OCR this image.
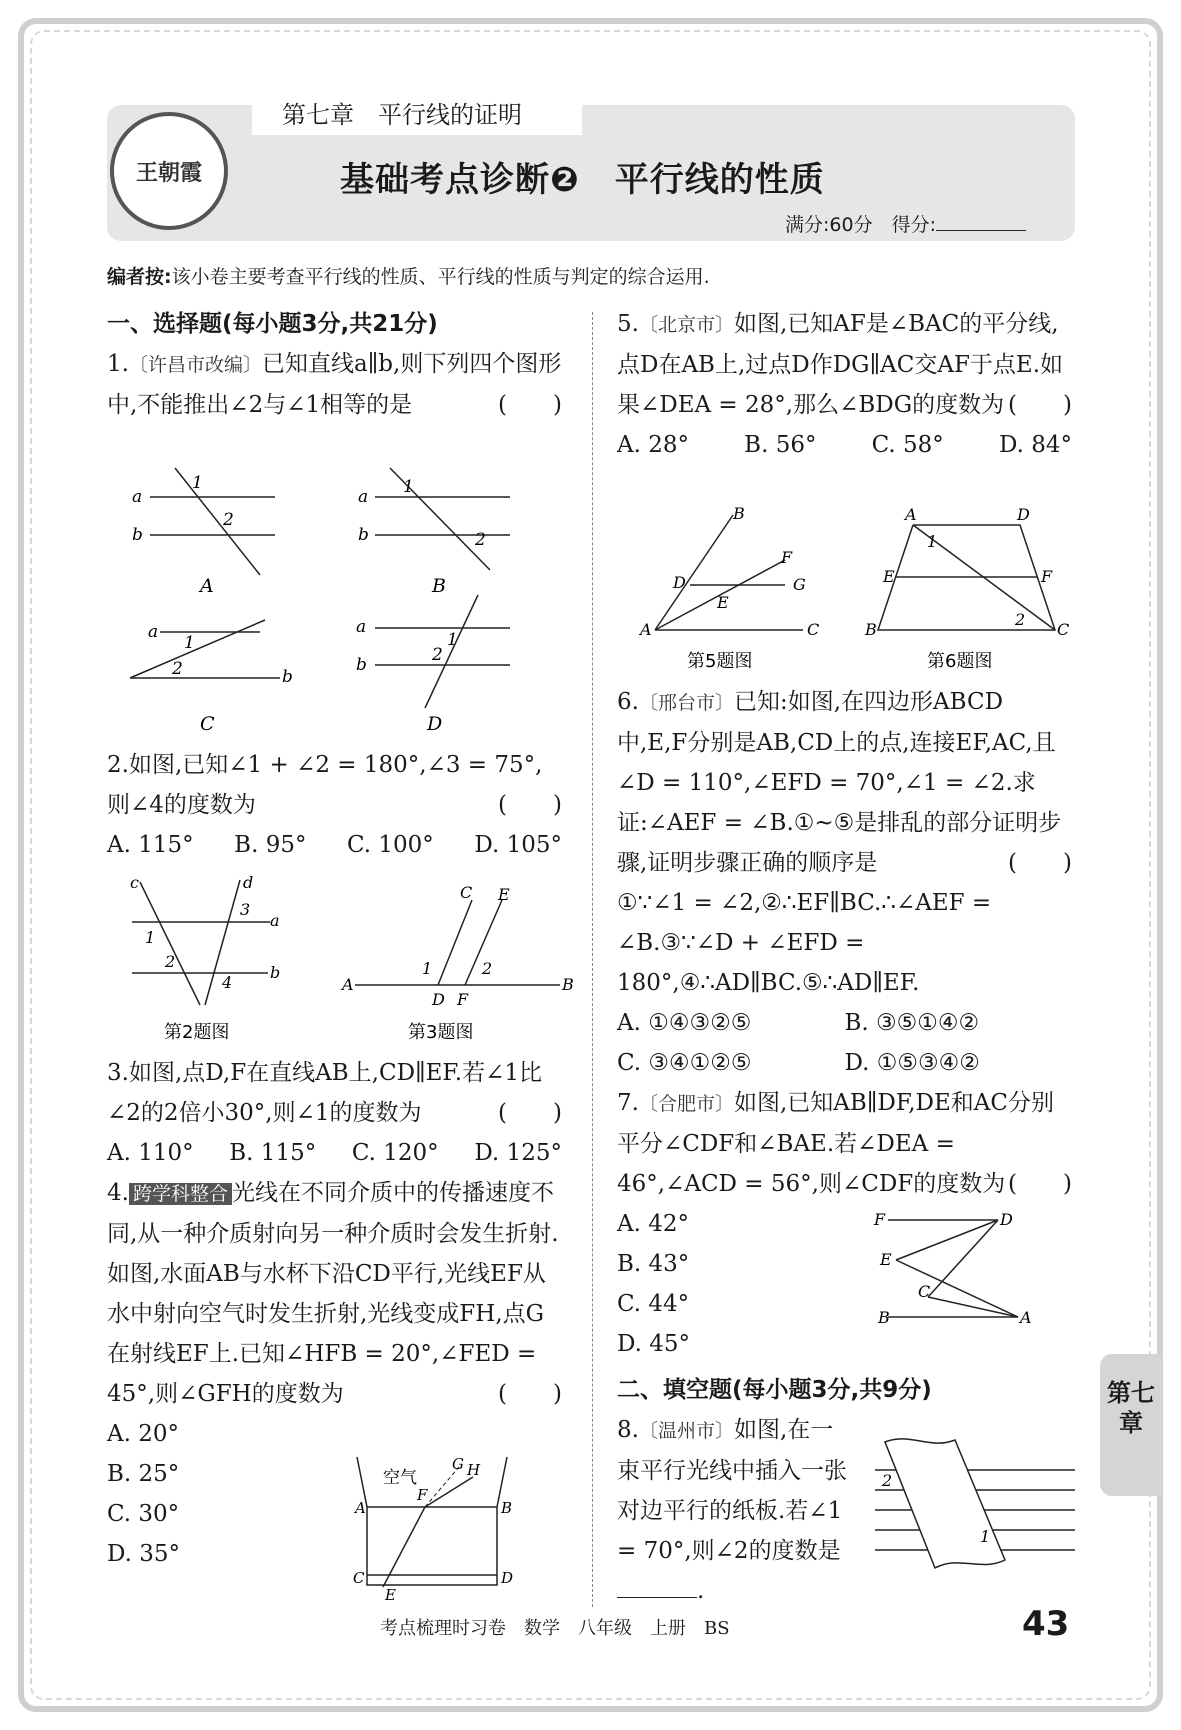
第七章　平行线的证明
王朝霞	基础考点诊断❷　平行线的性质
满分:60分　得分:
编者按:该小卷主要考查平行线的性质、平行线的性质与判定的综合运用.
一、选择题(每小题3分,共21分)

1.〔许昌市改编〕已知直线a∥b,则下列四个图形中,不能推出∠2与∠1相等的是	(　　)

a
b
1
2
A
a
b
1
2
B
a
b
1
2
C
a
b
1
2
D

2.如图,已知∠1 + ∠2 = 180°,∠3 = 75°,则∠4的度数为	(　　)

A. 115° B. 95° C. 100° D. 105°
c	d
a
b
1
2
3
4
第2题图
A	B
C E
D F
1	2
第3题图

3.如图,点D,F在直线AB上,CD∥EF.若∠1比∠2的2倍小30°,则∠1的度数为	(　　)

A. 110° B. 115° C. 120° D. 125°

4. 跨学科整合 光线在不同介质中的传播速度不同,从一种介质射向另一种介质时会发生折射.如图,水面AB与水杯下沿CD平行,光线EF从水中射向空气时发生折射,光线变成FH,点G在射线EF上.已知∠HFB = 20°,∠FED = 45°,则∠GFH的度数为	(　　)

A. 20°
B. 25°
C. 30°
D. 35°
空气
A	B
C	D
E
F
H
G

5.〔北京市〕如图,已知AF是∠BAC的平分线,点D在AB上,过点D作DG∥AC交AF于点E.如果∠DEA = 28°,那么∠BDG的度数为 (　　)

A. 28° B. 56° C. 58° D. 84°
B
A	C
D
E
F
G
第5题图
A	D
B	C
E	F
1
2
第6题图

6.〔邢台市〕已知:如图,在四边形ABCD中,E,F分别是AB,CD上的点,连接EF,AC,且∠D = 110°,∠EFD = 70°,∠1 = ∠2.求证:∠AEF = ∠B.①~⑤是排乱的部分证明步骤,证明步骤正确的顺序是	(　　)

①∵∠1 = ∠2,②∴EF∥BC.∴∠AEF = ∠B.③∵∠D + ∠EFD = 180°,④∴AD∥BC.⑤∴AD∥EF.

A. ①④③②⑤	B. ③⑤①④②
C. ③④①②⑤	D. ①⑤③④②

7.〔合肥市〕如图,已知AB∥DF,DE和AC分别平分∠CDF和∠BAE.若∠DEA = 46°,∠ACD = 56°,则∠CDF的度数为 (　　)

A. 42°
B. 43°
C. 44°
D. 45°
二、填空题(每小题3分,共9分)

8.〔温州市〕如图,在一束平行光线中插入一张对边平行的纸板.若∠1 = 70°,则∠2的度数是.

F	D
E
C
B	A
2
1
第七章
考点梳理时习卷　数学　八年级　上册　BS	43
